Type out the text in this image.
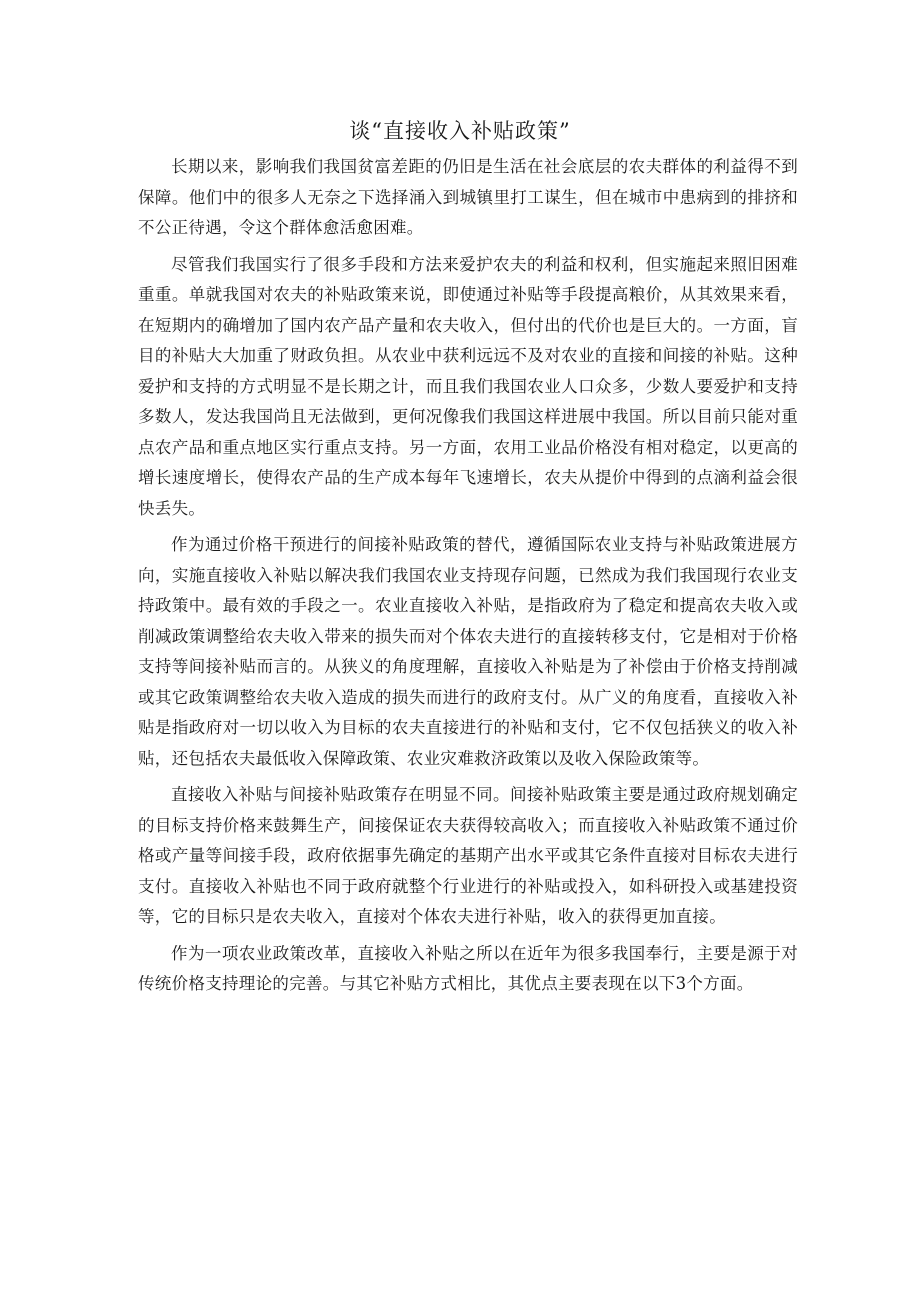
谈“直接收入补贴政策”

长期以来，影响我们我国贫富差距的仍旧是生活在社会底层的农夫群体的利益得不到保障。他们中的很多人无奈之下选择涌入到城镇里打工谋生，但在城市中患病到的排挤和不公正待遇，令这个群体愈活愈困难。

尽管我们我国实行了很多手段和方法来爱护农夫的利益和权利，但实施起来照旧困难重重。单就我国对农夫的补贴政策来说，即使通过补贴等手段提高粮价，从其效果来看，在短期内的确增加了国内农产品产量和农夫收入，但付出的代价也是巨大的。一方面，盲目的补贴大大加重了财政负担。从农业中获利远远不及对农业的直接和间接的补贴。这种爱护和支持的方式明显不是长期之计，而且我们我国农业人口众多，少数人要爱护和支持多数人，发达我国尚且无法做到，更何况像我们我国这样进展中我国。所以目前只能对重点农产品和重点地区实行重点支持。另一方面，农用工业品价格没有相对稳定，以更高的增长速度增长，使得农产品的生产成本每年飞速增长，农夫从提价中得到的点滴利益会很快丢失。

作为通过价格干预进行的间接补贴政策的替代，遵循国际农业支持与补贴政策进展方向，实施直接收入补贴以解决我们我国农业支持现存问题，已然成为我们我国现行农业支持政策中。最有效的手段之一。农业直接收入补贴，是指政府为了稳定和提高农夫收入或削减政策调整给农夫收入带来的损失而对个体农夫进行的直接转移支付，它是相对于价格支持等间接补贴而言的。从狭义的角度理解，直接收入补贴是为了补偿由于价格支持削减或其它政策调整给农夫收入造成的损失而进行的政府支付。从广义的角度看，直接收入补贴是指政府对一切以收入为目标的农夫直接进行的补贴和支付，它不仅包括狭义的收入补贴，还包括农夫最低收入保障政策、农业灾难救济政策以及收入保险政策等。

直接收入补贴与间接补贴政策存在明显不同。间接补贴政策主要是通过政府规划确定的目标支持价格来鼓舞生产，间接保证农夫获得较高收入；而直接收入补贴政策不通过价格或产量等间接手段，政府依据事先确定的基期产出水平或其它条件直接对目标农夫进行支付。直接收入补贴也不同于政府就整个行业进行的补贴或投入，如科研投入或基建投资等，它的目标只是农夫收入，直接对个体农夫进行补贴，收入的获得更加直接。

作为一项农业政策改革，直接收入补贴之所以在近年为很多我国奉行，主要是源于对传统价格支持理论的完善。与其它补贴方式相比，其优点主要表现在以下3个方面。
